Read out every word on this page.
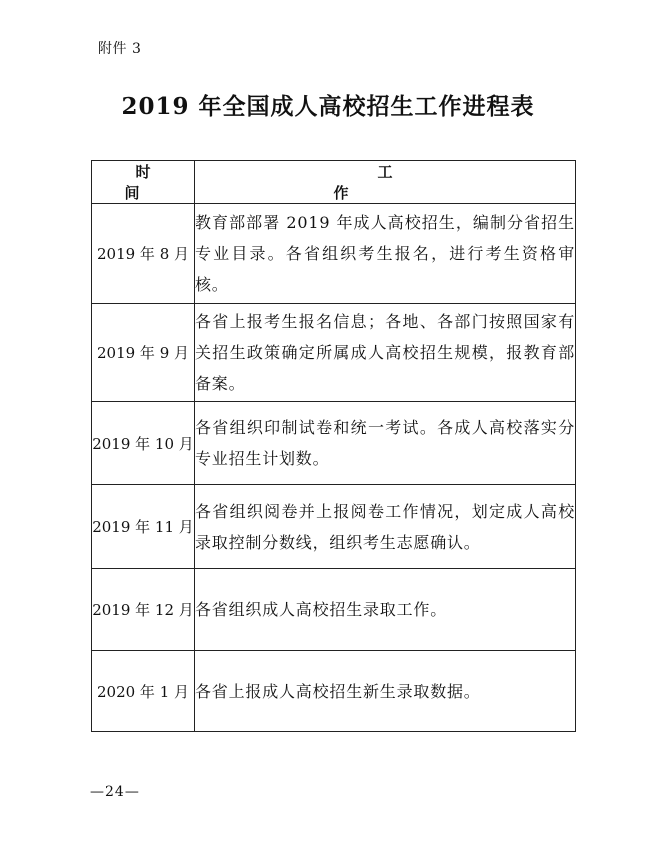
附件 3
2019 年全国成人高校招生工作进程表
时 间	工 作
2019 年 8 月	教育部部署 2019 年成人高校招生，编制分省招生专业目录。各省组织考生报名，进行考生资格审核。
2019 年 9 月	各省上报考生报名信息；各地、各部门按照国家有关招生政策确定所属成人高校招生规模，报教育部备案。
2019 年 10 月	各省组织印制试卷和统一考试。各成人高校落实分专业招生计划数。
2019 年 11 月	各省组织阅卷并上报阅卷工作情况，划定成人高校录取控制分数线，组织考生志愿确认。
2019 年 12 月	各省组织成人高校招生录取工作。
2020 年 1 月	各省上报成人高校招生新生录取数据。
—24—
